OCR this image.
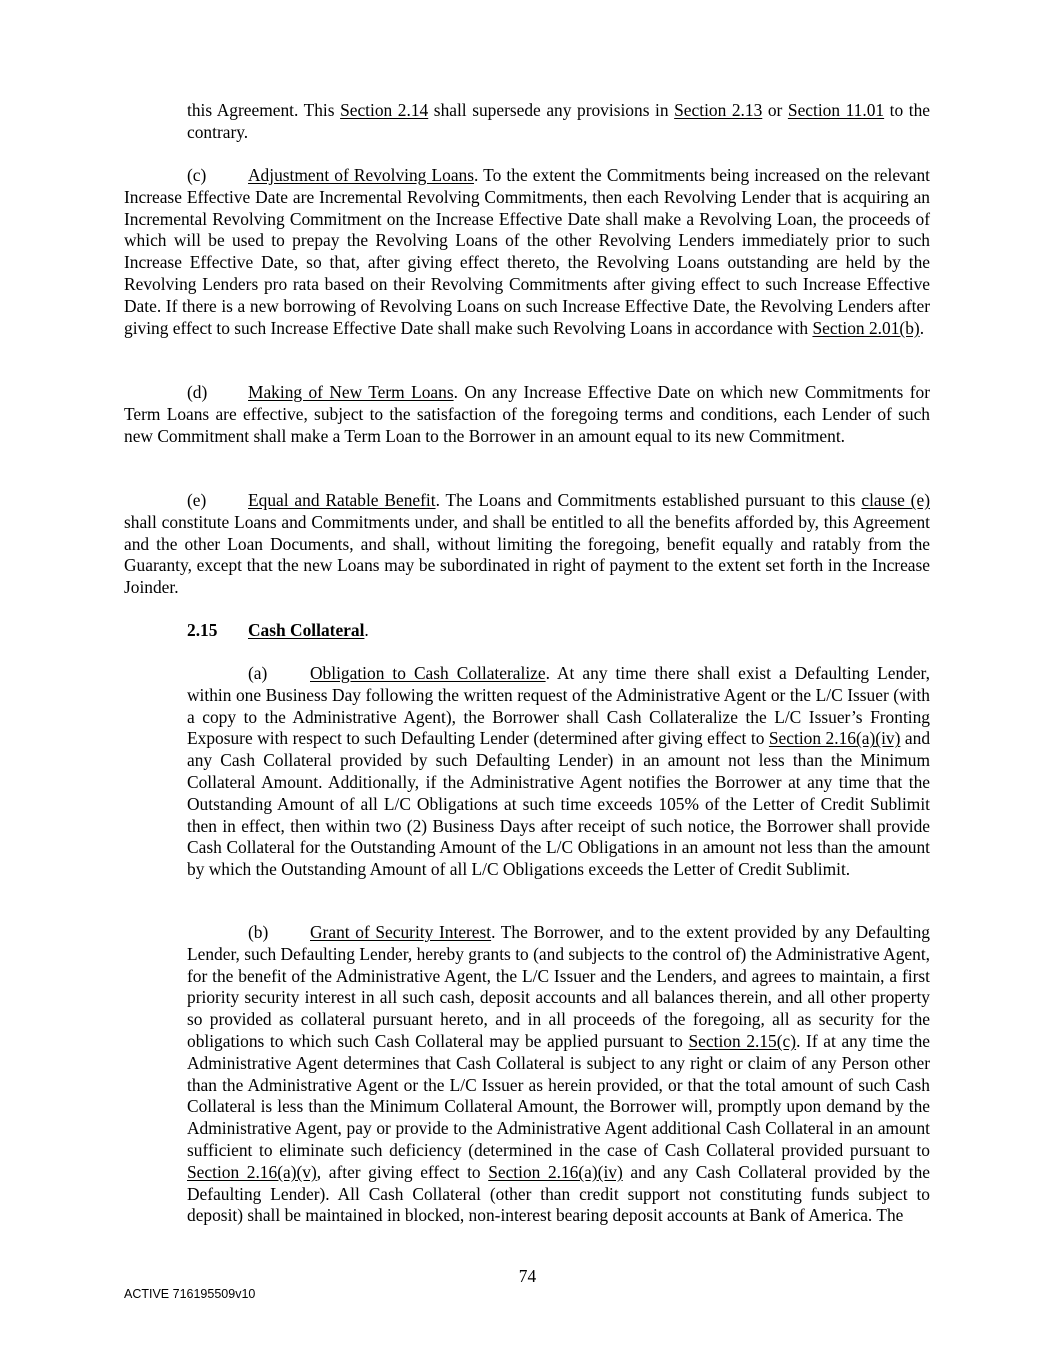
this Agreement. This Section 2.14 shall supersede any provisions in Section 2.13 or Section 11.01 to the contrary.

(c) Adjustment of Revolving Loans. To the extent the Commitments being increased on the relevant Increase Effective Date are Incremental Revolving Commitments, then each Revolving Lender that is acquiring an Incremental Revolving Commitment on the Increase Effective Date shall make a Revolving Loan, the proceeds of which will be used to prepay the Revolving Loans of the other Revolving Lenders immediately prior to such Increase Effective Date, so that, after giving effect thereto, the Revolving Loans outstanding are held by the Revolving Lenders pro rata based on their Revolving Commitments after giving effect to such Increase Effective Date. If there is a new borrowing of Revolving Loans on such Increase Effective Date, the Revolving Lenders after giving effect to such Increase Effective Date shall make such Revolving Loans in accordance with Section 2.01(b).

(d) Making of New Term Loans. On any Increase Effective Date on which new Commitments for Term Loans are effective, subject to the satisfaction of the foregoing terms and conditions, each Lender of such new Commitment shall make a Term Loan to the Borrower in an amount equal to its new Commitment.

(e) Equal and Ratable Benefit. The Loans and Commitments established pursuant to this clause (e) shall constitute Loans and Commitments under, and shall be entitled to all the benefits afforded by, this Agreement and the other Loan Documents, and shall, without limiting the foregoing, benefit equally and ratably from the Guaranty, except that the new Loans may be subordinated in right of payment to the extent set forth in the Increase Joinder.

2.15 Cash Collateral.

(a) Obligation to Cash Collateralize. At any time there shall exist a Defaulting Lender, within one Business Day following the written request of the Administrative Agent or the L/C Issuer (with a copy to the Administrative Agent), the Borrower shall Cash Collateralize the L/C Issuer’s Fronting Exposure with respect to such Defaulting Lender (determined after giving effect to Section 2.16(a)(iv) and any Cash Collateral provided by such Defaulting Lender) in an amount not less than the Minimum Collateral Amount. Additionally, if the Administrative Agent notifies the Borrower at any time that the Outstanding Amount of all L/C Obligations at such time exceeds 105% of the Letter of Credit Sublimit then in effect, then within two (2) Business Days after receipt of such notice, the Borrower shall provide Cash Collateral for the Outstanding Amount of the L/C Obligations in an amount not less than the amount by which the Outstanding Amount of all L/C Obligations exceeds the Letter of Credit Sublimit.

(b) Grant of Security Interest. The Borrower, and to the extent provided by any Defaulting Lender, such Defaulting Lender, hereby grants to (and subjects to the control of) the Administrative Agent, for the benefit of the Administrative Agent, the L/C Issuer and the Lenders, and agrees to maintain, a first priority security interest in all such cash, deposit accounts and all balances therein, and all other property so provided as collateral pursuant hereto, and in all proceeds of the foregoing, all as security for the obligations to which such Cash Collateral may be applied pursuant to Section 2.15(c). If at any time the Administrative Agent determines that Cash Collateral is subject to any right or claim of any Person other than the Administrative Agent or the L/C Issuer as herein provided, or that the total amount of such Cash Collateral is less than the Minimum Collateral Amount, the Borrower will, promptly upon demand by the Administrative Agent, pay or provide to the Administrative Agent additional Cash Collateral in an amount sufficient to eliminate such deficiency (determined in the case of Cash Collateral provided pursuant to Section 2.16(a)(v), after giving effect to Section 2.16(a)(iv) and any Cash Collateral provided by the Defaulting Lender). All Cash Collateral (other than credit support not constituting funds subject to deposit) shall be maintained in blocked, non-interest bearing deposit accounts at Bank of America. The

74
ACTIVE 716195509v10
